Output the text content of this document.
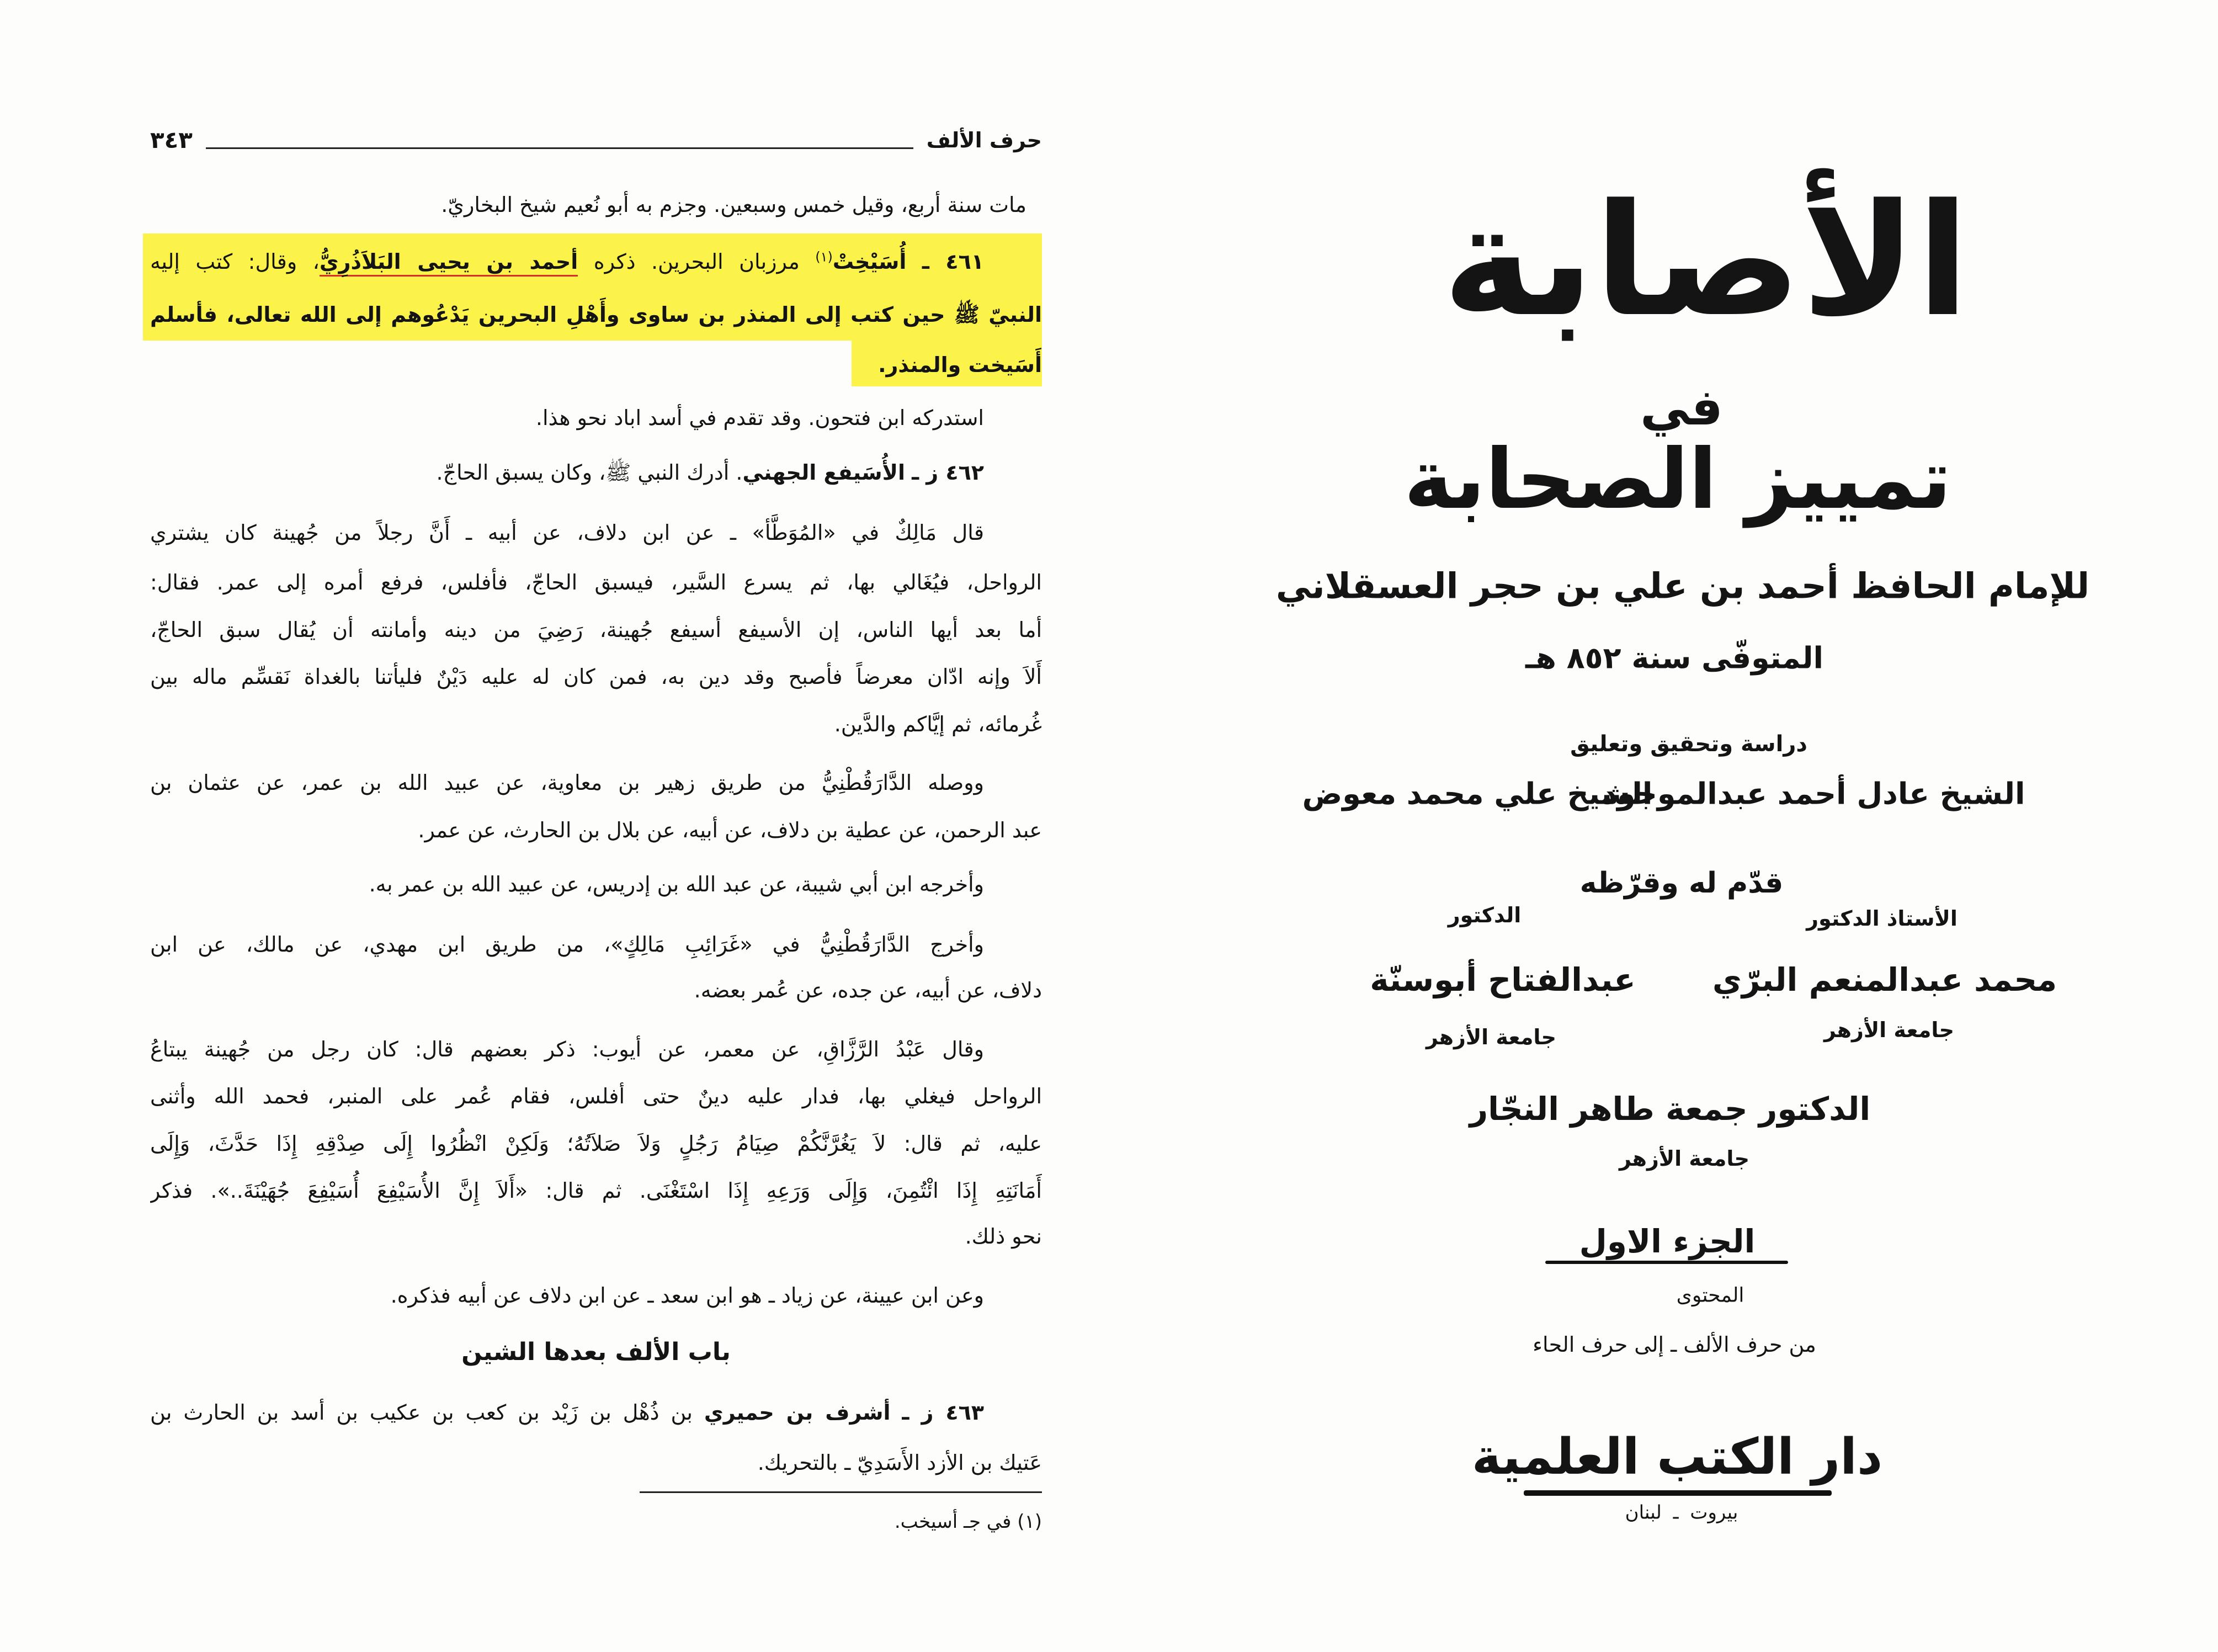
حرف الألف
٣٤٣
مات سنة أربع، وقيل خمس وسبعين. وجزم به أبو نُعيم شيخ البخاريّ.
٤٦١ ـ أُسَيْخِتْ$^{(١)}$ مرزبان البحرين. ذكره أحمد بن يحيى البَلاَذُرِيُّ، وقال: كتب إليه
النبيّ ﷺ حين كتب إلى المنذر بن ساوى وأَهْلِ البحرين يَدْعُوهم إلى الله تعالى، فأسلم
أَسَيخت والمنذر.
استدركه ابن فتحون. وقد تقدم في أسد اباد نحو هذا.
٤٦٢ ز ـ الأُسَيفع الجهني. أدرك النبي ﷺ، وكان يسبق الحاجّ.
قال مَالِكٌ في «المُوَطَّأ» ـ عن ابن دلاف، عن أبيه ـ أَنَّ رجلاً من جُهينة كان يشتري
الرواحل، فيُغَالي بها، ثم يسرع السَّير، فيسبق الحاجّ، فأفلس، فرفع أمره إلى عمر. فقال:
أما بعد أيها الناس، إن الأسيفع أسيفع جُهينة، رَضِيَ من دينه وأمانته أن يُقال سبق الحاجّ،
أَلاَ وإنه ادّان معرضاً فأصبح وقد دين به، فمن كان له عليه دَيْنٌ فليأتنا بالغداة نَقسِّم ماله بين
غُرمائه، ثم إيَّاكم والدَّين.
ووصله الدَّارَقُطْنِيُّ من طريق زهير بن معاوية، عن عبيد الله بن عمر، عن عثمان بن
عبد الرحمن، عن عطية بن دلاف، عن أبيه، عن بلال بن الحارث، عن عمر.
وأخرجه ابن أبي شيبة، عن عبد الله بن إدريس، عن عبيد الله بن عمر به.
وأخرج الدَّارَقُطْنِيُّ في «غَرَائِبِ مَالِكٍ»، من طريق ابن مهدي، عن مالك، عن ابن
دلاف، عن أبيه، عن جده، عن عُمر بعضه.
وقال عَبْدُ الرَّزَّاقِ، عن معمر، عن أيوب: ذكر بعضهم قال: كان رجل من جُهينة يبتاعُ
الرواحل فيغلي بها، فدار عليه دينٌ حتى أفلس، فقام عُمر على المنبر، فحمد الله وأثنى
عليه، ثم قال: لاَ يَغُرَّنَّكُمْ صِيَامُ رَجُلٍ وَلاَ صَلاَتُهُ؛ وَلَكِنْ انْظُرُوا إِلَى صِدْقِهِ إِذَا حَدَّثَ، وَإِلَى
أَمَانَتِهِ إِذَا ائْتُمِنَ، وَإِلَى وَرَعِهِ إِذَا اسْتَغْنَى. ثم قال: «أَلاَ إِنَّ الأُسَيْفِعَ أُسَيْفِعَ جُهَيْنَةَ..». فذكر
نحو ذلك.
وعن ابن عيينة، عن زياد ـ هو ابن سعد ـ عن ابن دلاف عن أبيه فذكره.
باب الألف بعدها الشين
٤٦٣ ز ـ أشرف بن حميري بن ذُهْل بن زَيْد بن كعب بن عكيب بن أسد بن الحارث بن
عَتيك بن الأزد الأَسَدِيّ ـ بالتحريك.
(١) في جـ أسيخب.
الأصابة
في
تمييز الصحابة
للإمام الحافظ أحمد بن علي بن حجر العسقلاني
المتوفّى سنة ٨٥٢ هـ
دراسة وتحقيق وتعليق
الشيخ عادل أحمد عبدالموجود
الشيخ علي محمد معوض
قدّم له وقرّظه
الأستاذ الدكتور
محمد عبدالمنعم البرّي
جامعة الأزهر
الدكتور
عبدالفتاح أبوسنّة
جامعة الأزهر
الدكتور جمعة طاهر النجّار
جامعة الأزهر
الجزء الاول
المحتوى
من حرف الألف ـ إلى حرف الحاء
دار الكتب العلمية
بيروت ـ لبنان
